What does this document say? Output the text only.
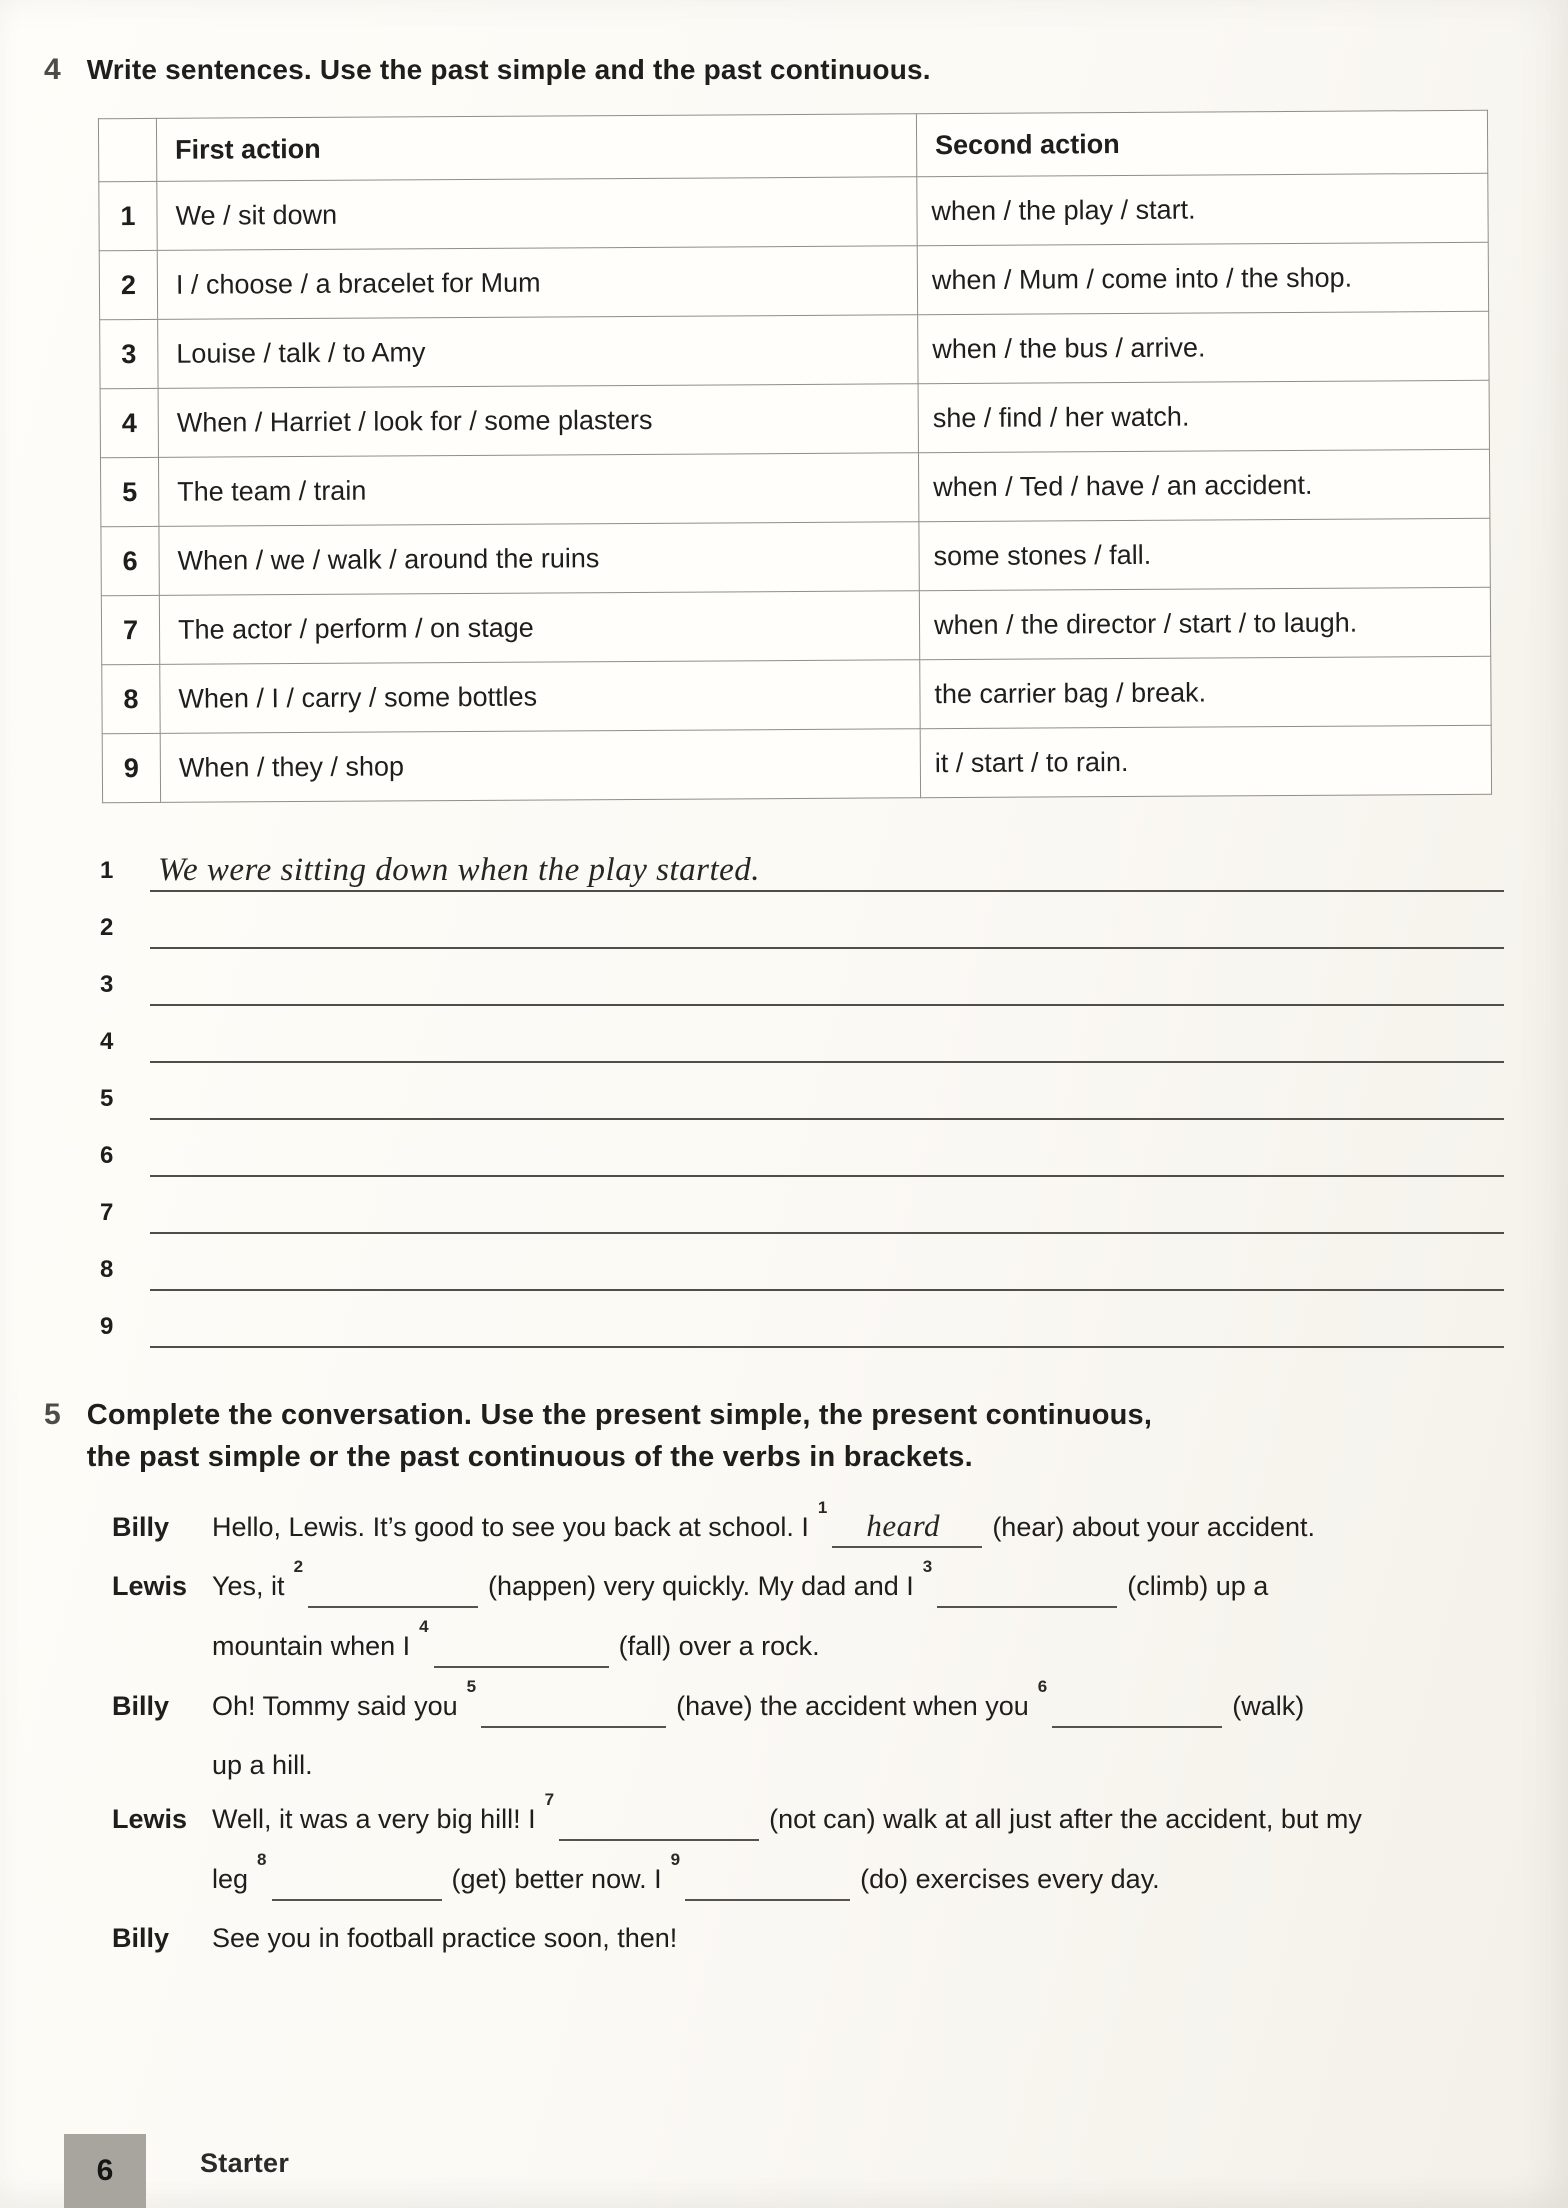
4 Write sentences. Use the past simple and the past continuous.
	First action	Second action
1	We / sit down	when / the play / start.
2	I / choose / a bracelet for Mum	when / Mum / come into / the shop.
3	Louise / talk / to Amy	when / the bus / arrive.
4	When / Harriet / look for / some plasters	she / find / her watch.
5	The team / train	when / Ted / have / an accident.
6	When / we / walk / around the ruins	some stones / fall.
7	The actor / perform / on stage	when / the director / start / to laugh.
8	When / I / carry / some bottles	the carrier bag / break.
9	When / they / shop	it / start / to rain.
1	We were sitting down when the play started.
2
3
4
5
6
7
8
9
5 Complete the conversation. Use the present simple, the present continuous,
the past simple or the past continuous of the verbs in brackets.
Billy	Hello, Lewis. It’s good to see you back at school. $I^1heard$ (hear) about your accident.
Lewis Yes, $it^2(happen)$ very quickly. My dad and $I^3(climb)$ up a
mountain when $I^4(fall)$ over a rock.
Billy	Oh! Tommy said you$^5$(have) the accident when you$^6$(walk)
up a hill.
Lewis Well, it was a very big hill! $I^7(not$ can) walk at all just after the accident, but my
leg$^8$(get) better now. $I^9(do)$ exercises every day.
Billy	See you in football practice soon, then!
6	Starter
